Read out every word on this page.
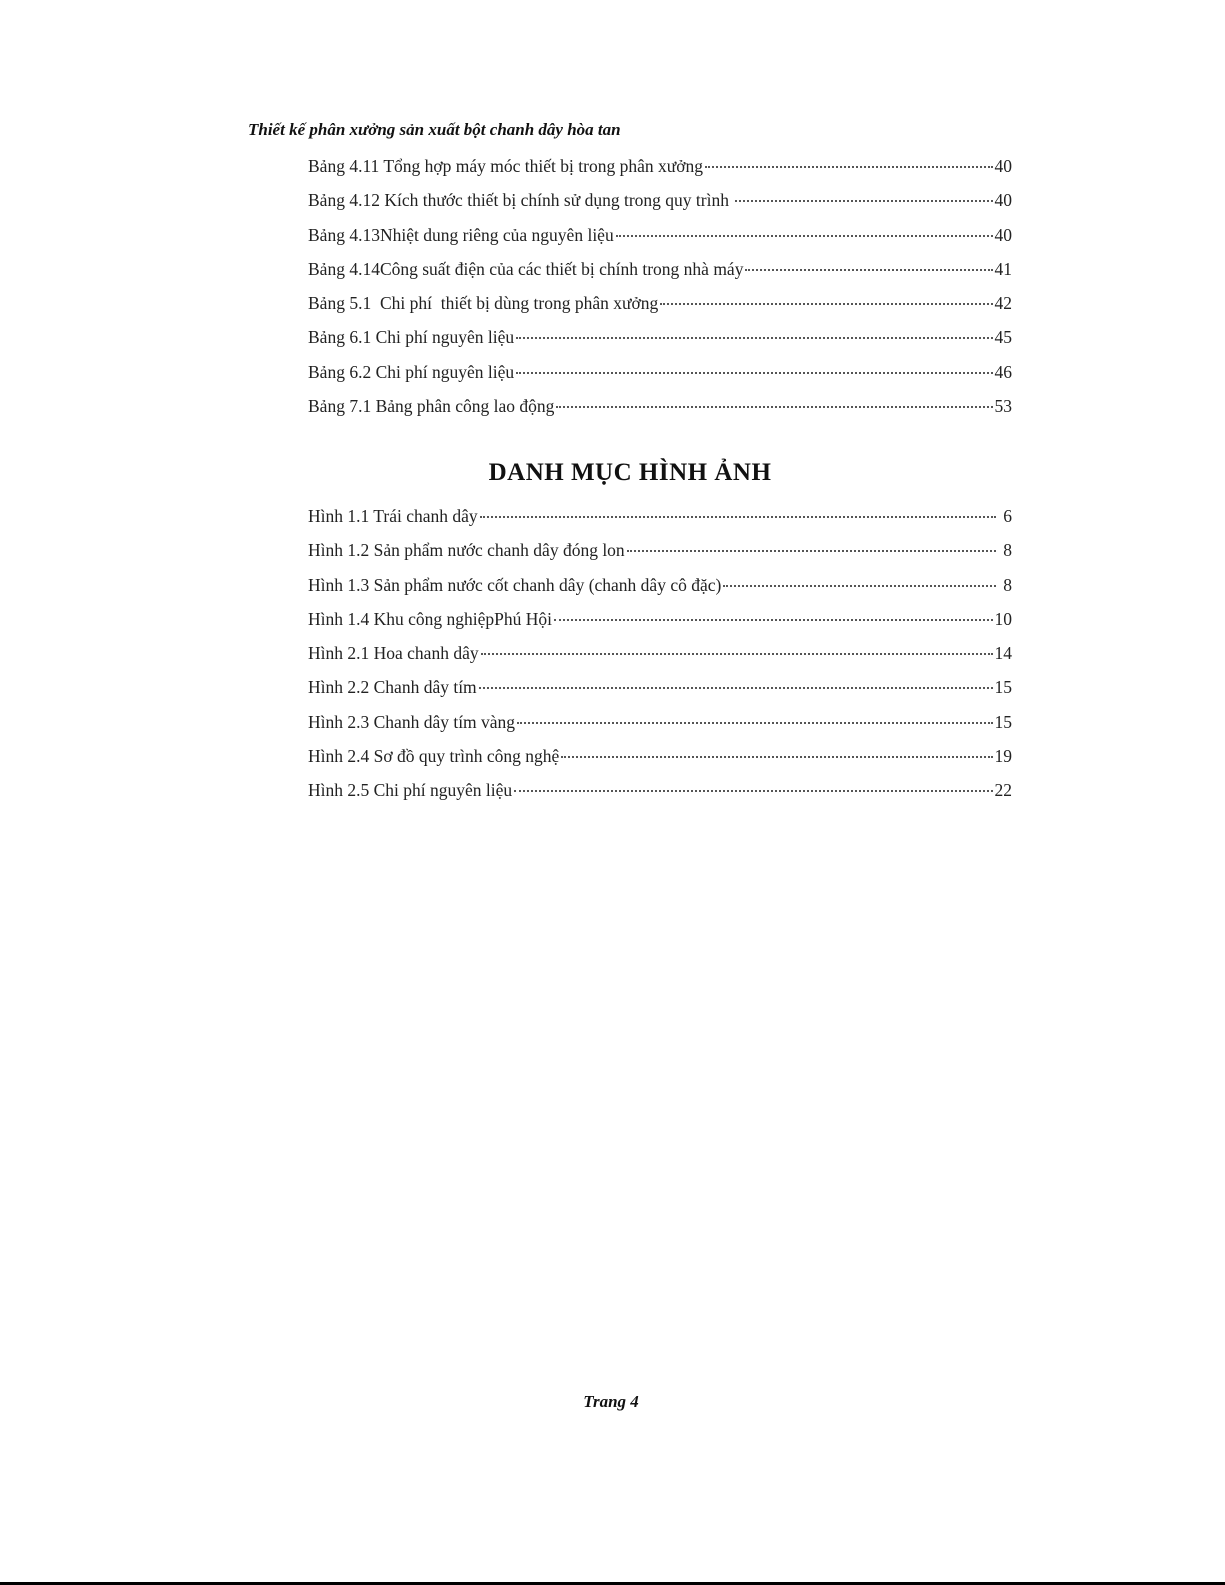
Thiết kế phân xưởng sản xuất bột chanh dây hòa tan
Bảng 4.11 Tổng hợp máy móc thiết bị trong phân xưởng	40
Bảng 4.12 Kích thước thiết bị chính sử dụng trong quy trình	40
Bảng 4.13Nhiệt dung riêng của nguyên liệu	40
Bảng 4.14Công suất điện của các thiết bị chính trong nhà máy	41
Bảng 5.1  Chi phí  thiết bị dùng trong phân xưởng	42
Bảng 6.1 Chi phí nguyên liệu	45
Bảng 6.2 Chi phí nguyên liệu	46
Bảng 7.1 Bảng phân công lao động	53
DANH MỤC HÌNH ẢNH
Hình 1.1 Trái chanh dây	6
Hình 1.2 Sản phẩm nước chanh dây đóng lon	8
Hình 1.3 Sản phẩm nước cốt chanh dây (chanh dây cô đặc)	8
Hình 1.4 Khu công nghiệpPhú Hội	10
Hình 2.1 Hoa chanh dây	14
Hình 2.2 Chanh dây tím	15
Hình 2.3 Chanh dây tím vàng	15
Hình 2.4 Sơ đồ quy trình công nghệ	19
Hình 2.5 Chi phí nguyên liệu	22
Trang 4
